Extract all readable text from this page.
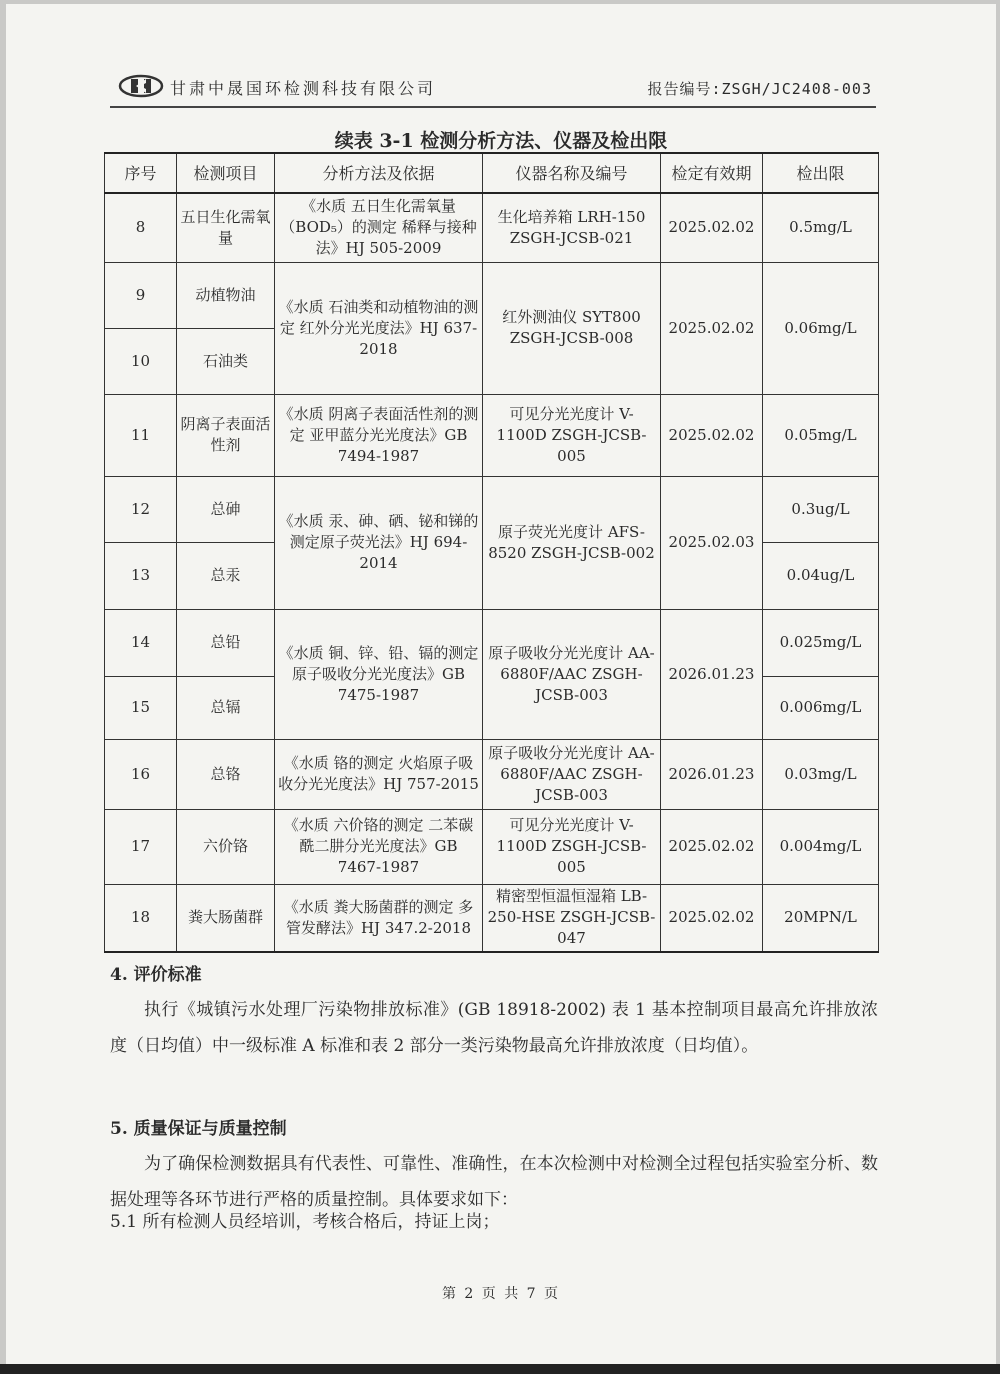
甘肃中晟国环检测科技有限公司	报告编号:ZSGH/JC2408-003
续表 3-1 检测分析方法、仪器及检出限
序号	检测项目	分析方法及依据	仪器名称及编号	检定有效期	检出限
8	五日生化需氧量	《水质 五日生化需氧量（BOD₅）的测定 稀释与接种法》HJ 505-2009	生化培养箱 LRH-150 ZSGH-JCSB-021	2025.02.02	0.5mg/L
9	动植物油	《水质 石油类和动植物油的测定 红外分光光度法》HJ 637-2018	红外测油仪 SYT800 ZSGH-JCSB-008	2025.02.02	0.06mg/L
10	石油类				
11	阴离子表面活性剂	《水质 阴离子表面活性剂的测定 亚甲蓝分光光度法》GB 7494-1987	可见分光光度计 V-1100D ZSGH-JCSB-005	2025.02.02	0.05mg/L
12	总砷	《水质 汞、砷、硒、铋和锑的测定原子荧光法》HJ 694-2014	原子荧光光度计 AFS-8520 ZSGH-JCSB-002	2025.02.03	0.3ug/L
13	总汞				0.04ug/L
14	总铅	《水质 铜、锌、铅、镉的测定 原子吸收分光光度法》GB 7475-1987	原子吸收分光光度计 AA-6880F/AAC ZSGH-JCSB-003	2026.01.23	0.025mg/L
15	总镉				0.006mg/L
16	总铬	《水质 铬的测定 火焰原子吸收分光光度法》HJ 757-2015	原子吸收分光光度计 AA-6880F/AAC ZSGH-JCSB-003	2026.01.23	0.03mg/L
17	六价铬	《水质 六价铬的测定 二苯碳酰二肼分光光度法》GB 7467-1987	可见分光光度计 V-1100D ZSGH-JCSB-005	2025.02.02	0.004mg/L
18	粪大肠菌群	《水质 粪大肠菌群的测定 多管发酵法》HJ 347.2-2018	精密型恒温恒湿箱 LB-250-HSE ZSGH-JCSB-047	2025.02.02	20MPN/L
4. 评价标准
执行《城镇污水处理厂污染物排放标准》(GB 18918-2002) 表 1 基本控制项目最高允许排放浓度（日均值）中一级标准 A 标准和表 2 部分一类污染物最高允许排放浓度（日均值）。
5. 质量保证与质量控制
为了确保检测数据具有代表性、可靠性、准确性，在本次检测中对检测全过程包括实验室分析、数据处理等各环节进行严格的质量控制。具体要求如下：
5.1 所有检测人员经培训，考核合格后，持证上岗；
第 2 页 共 7 页
